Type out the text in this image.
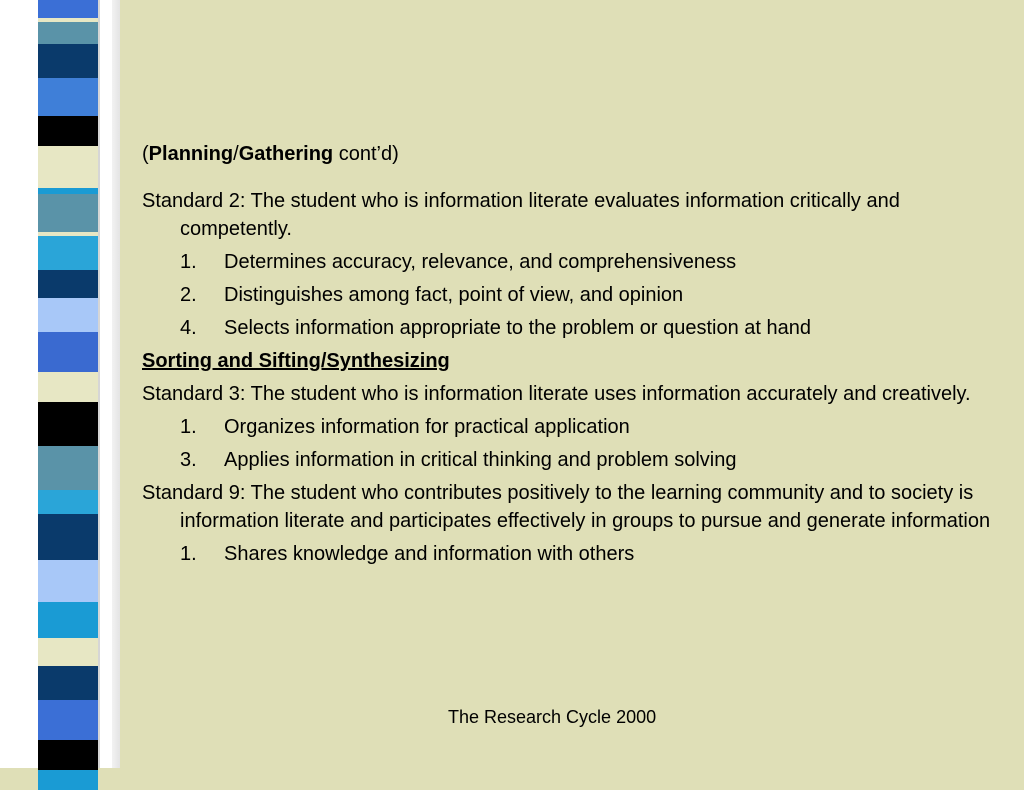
(Planning/Gathering cont’d)

Standard 2: The student who is information literate evaluates information critically and competently.

1.	Determines accuracy, relevance, and comprehensiveness
2.	Distinguishes among fact, point of view, and opinion
4.	Selects information appropriate to the problem or question at hand

Sorting and Sifting/Synthesizing

Standard 3: The student who is information literate uses information accurately and creatively.

1.	Organizes information for practical application
3.	Applies information in critical thinking and problem solving

Standard 9: The student who contributes positively to the learning community and to society is information literate and participates effectively in groups to pursue and generate information

1.	Shares knowledge and information with others
The Research Cycle 2000
